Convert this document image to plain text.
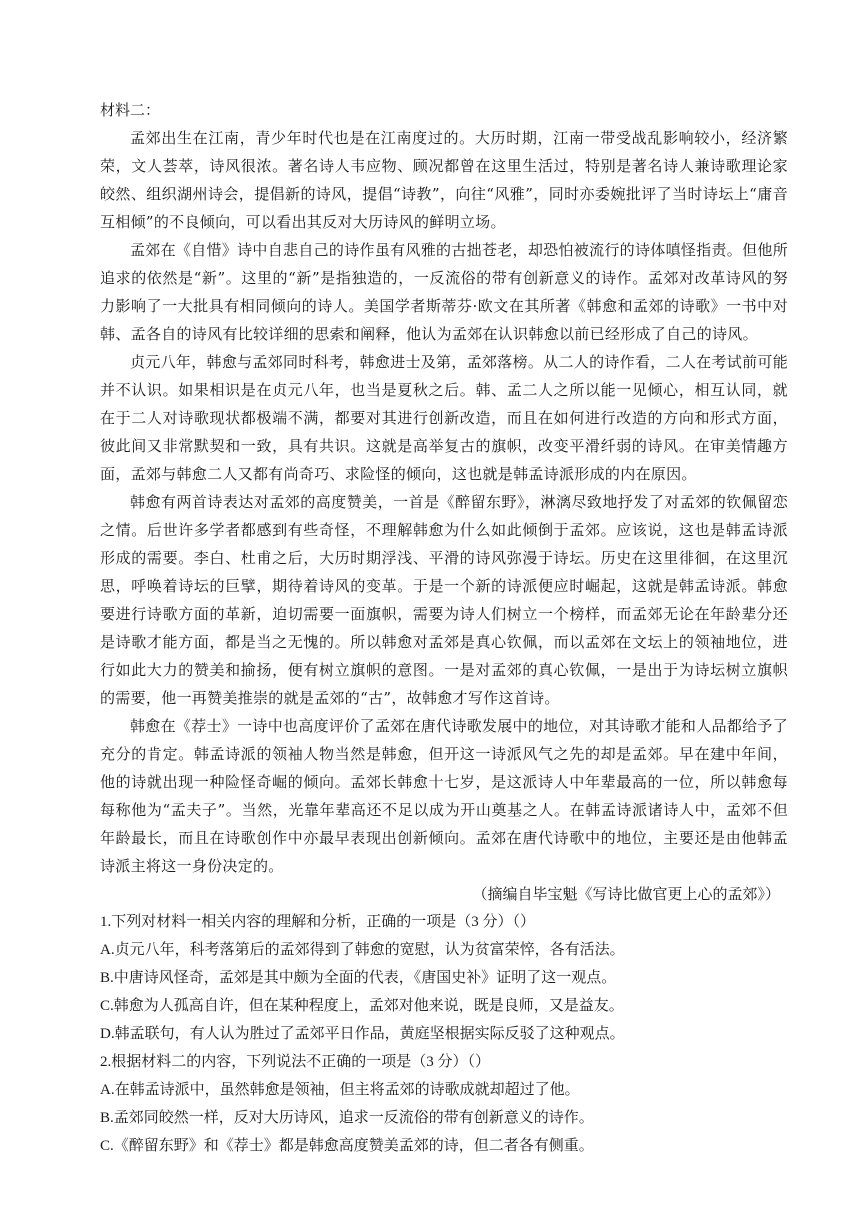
材料二：

孟郊出生在江南，青少年时代也是在江南度过的。大历时期，江南一带受战乱影响较小，经济繁荣，文人荟萃，诗风很浓。著名诗人韦应物、顾况都曾在这里生活过，特别是著名诗人兼诗歌理论家皎然、组织湖州诗会，提倡新的诗风，提倡“诗教”，向往“风雅”，同时亦委婉批评了当时诗坛上“庸音互相倾”的不良倾向，可以看出其反对大历诗风的鲜明立场。

孟郊在《自惜》诗中自悲自己的诗作虽有风雅的古拙苍老，却恐怕被流行的诗体嗔怪指责。但他所追求的依然是“新”。这里的“新”是指独造的，一反流俗的带有创新意义的诗作。孟郊对改革诗风的努力影响了一大批具有相同倾向的诗人。美国学者斯蒂芬·欧文在其所著《韩愈和孟郊的诗歌》一书中对韩、孟各自的诗风有比较详细的思索和阐释，他认为孟郊在认识韩愈以前已经形成了自己的诗风。

贞元八年，韩愈与孟郊同时科考，韩愈进士及第，孟郊落榜。从二人的诗作看，二人在考试前可能并不认识。如果相识是在贞元八年，也当是夏秋之后。韩、孟二人之所以能一见倾心，相互认同，就在于二人对诗歌现状都极端不满，都要对其进行创新改造，而且在如何进行改造的方向和形式方面，彼此间又非常默契和一致，具有共识。这就是高举复古的旗帜，改变平滑纤弱的诗风。在审美情趣方面，孟郊与韩愈二人又都有尚奇巧、求险怪的倾向，这也就是韩孟诗派形成的内在原因。

韩愈有两首诗表达对孟郊的高度赞美，一首是《醉留东野》，淋漓尽致地抒发了对孟郊的钦佩留恋之情。后世许多学者都感到有些奇怪，不理解韩愈为什么如此倾倒于孟郊。应该说，这也是韩孟诗派形成的需要。李白、杜甫之后，大历时期浮浅、平滑的诗风弥漫于诗坛。历史在这里徘徊，在这里沉思，呼唤着诗坛的巨擘，期待着诗风的变革。于是一个新的诗派便应时崛起，这就是韩孟诗派。韩愈要进行诗歌方面的革新，迫切需要一面旗帜，需要为诗人们树立一个榜样，而孟郊无论在年龄辈分还是诗歌才能方面，都是当之无愧的。所以韩愈对孟郊是真心钦佩，而以孟郊在文坛上的领袖地位，进行如此大力的赞美和揄扬，便有树立旗帜的意图。一是对孟郊的真心钦佩，一是出于为诗坛树立旗帜的需要，他一再赞美推崇的就是孟郊的“古”，故韩愈才写作这首诗。

韩愈在《荐士》一诗中也高度评价了孟郊在唐代诗歌发展中的地位，对其诗歌才能和人品都给予了充分的肯定。韩孟诗派的领袖人物当然是韩愈，但开这一诗派风气之先的却是孟郊。早在建中年间，他的诗就出现一种险怪奇崛的倾向。孟郊长韩愈十七岁，是这派诗人中年辈最高的一位，所以韩愈每每称他为“孟夫子”。当然，光靠年辈高还不足以成为开山奠基之人。在韩孟诗派诸诗人中，孟郊不但年龄最长，而且在诗歌创作中亦最早表现出创新倾向。孟郊在唐代诗歌中的地位，主要还是由他韩孟诗派主将这一身份决定的。

（摘编自毕宝魁《写诗比做官更上心的孟郊》）

1.下列对材料一相关内容的理解和分析，正确的一项是（3 分）（）

A.贞元八年，科考落第后的孟郊得到了韩愈的宽慰，认为贫富荣悴，各有活法。

B.中唐诗风怪奇，孟郊是其中颇为全面的代表，《唐国史补》证明了这一观点。

C.韩愈为人孤高自许，但在某种程度上，孟郊对他来说，既是良师，又是益友。

D.韩孟联句，有人认为胜过了孟郊平日作品，黄庭坚根据实际反驳了这种观点。

2.根据材料二的内容，下列说法不正确的一项是（3 分）（）

A.在韩孟诗派中，虽然韩愈是领袖，但主将孟郊的诗歌成就却超过了他。

B.孟郊同皎然一样，反对大历诗风，追求一反流俗的带有创新意义的诗作。

C.《醉留东野》和《荐士》都是韩愈高度赞美孟郊的诗，但二者各有侧重。
